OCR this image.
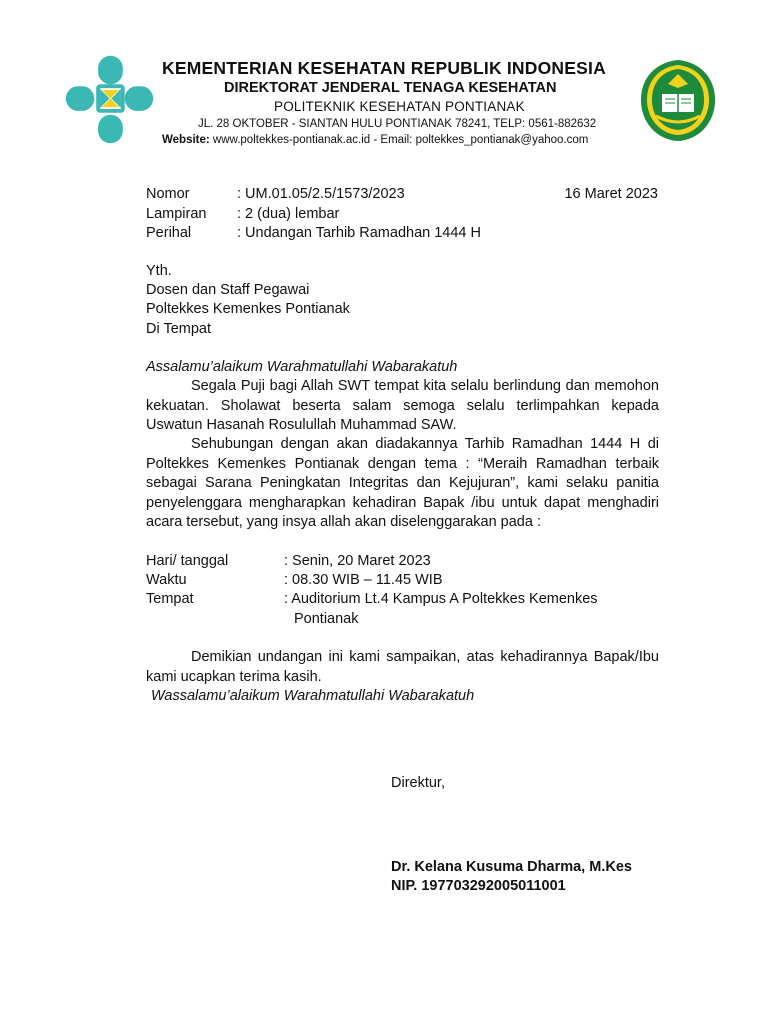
KEMENTERIAN KESEHATAN REPUBLIK INDONESIA
DIREKTORAT JENDERAL TENAGA KESEHATAN
POLITEKNIK KESEHATAN PONTIANAK
JL. 28 OKTOBER - SIANTAN HULU PONTIANAK 78241, TELP: 0561-882632
Website: www.poltekkes-pontianak.ac.id - Email: poltekkes_pontianak@yahoo.com
Nomor	: UM.01.05/2.5/1573/2023	16 Maret 2023
Lampiran : 2 (dua) lembar
Perihal	: Undangan Tarhib Ramadhan 1444 H
Yth.
Dosen dan Staff Pegawai
Poltekkes Kemenkes Pontianak
Di Tempat
Assalamu’alaikum Warahmatullahi Wabarakatuh
Segala Puji bagi Allah SWT tempat kita selalu berlindung dan memohon kekuatan. Sholawat beserta salam semoga selalu terlimpahkan kepada Uswatun Hasanah Rosulullah Muhammad SAW.
Sehubungan dengan akan diadakannya Tarhib Ramadhan 1444 H di Poltekkes Kemenkes Pontianak dengan tema : “Meraih Ramadhan terbaik sebagai Sarana Peningkatan Integritas dan Kejujuran”, kami selaku panitia penyelenggara mengharapkan kehadiran Bapak /ibu untuk dapat menghadiri acara tersebut, yang insya allah akan diselenggarakan pada :
Hari/ tanggal	: Senin, 20 Maret 2023
Waktu	: 08.30 WIB – 11.45 WIB
Tempat	: Auditorium Lt.4 Kampus A Poltekkes Kemenkes
Pontianak
Demikian undangan ini kami sampaikan, atas kehadirannya Bapak/Ibu kami ucapkan terima kasih.
Wassalamu’alaikum Warahmatullahi Wabarakatuh
Direktur,
Dr. Kelana Kusuma Dharma, M.Kes
NIP. 197703292005011001
